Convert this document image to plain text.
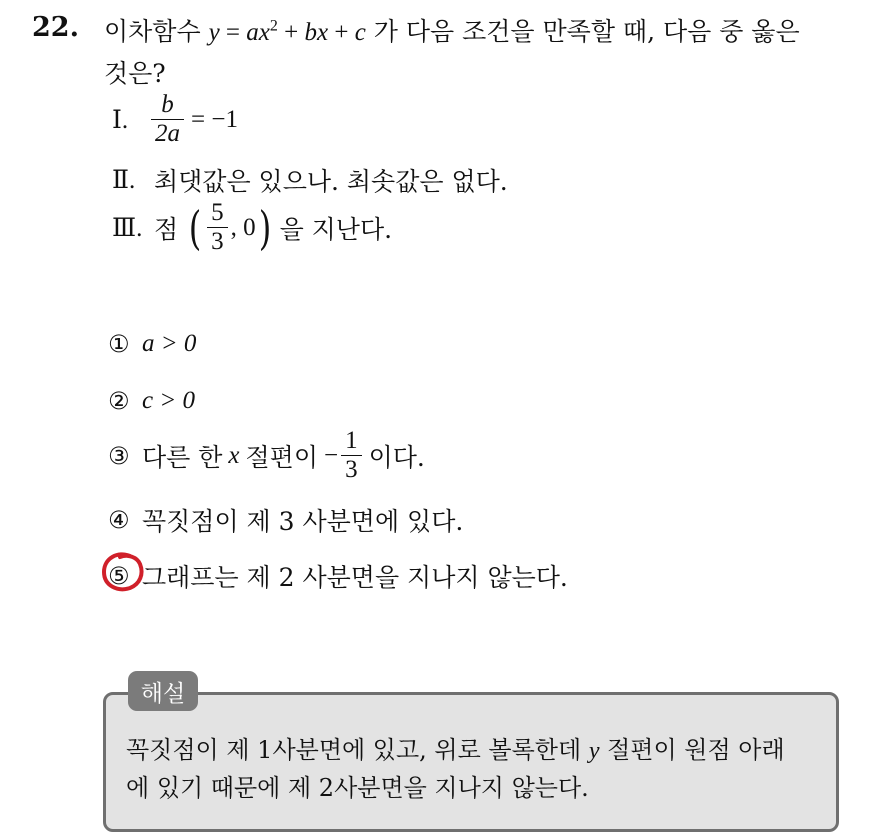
22. 이차함수 $y = ax^2$ + bx + c 가 다음 조건을 만족할 때, 다음 중 옳은
것은?
Ⅰ. $\frac{b}{2a} = -1$
Ⅱ. 최댓값은 있으나. 최솟값은 없다.
Ⅲ. 점 ( $\frac{5}{3}$ , 0 ) 을 지난다.
① a > 0
② c > 0
③ 다른 한 x 절편이 − $\frac{1}{3}$ 이다.
④ 꼭짓점이 제 3 사분면에 있다.
⑤ 그래프는 제 2 사분면을 지나지 않는다.
해설
꼭짓점이 제 1사분면에 있고, 위로 볼록한데 y 절편이 원점 아래
에 있기 때문에 제 2사분면을 지나지 않는다.
